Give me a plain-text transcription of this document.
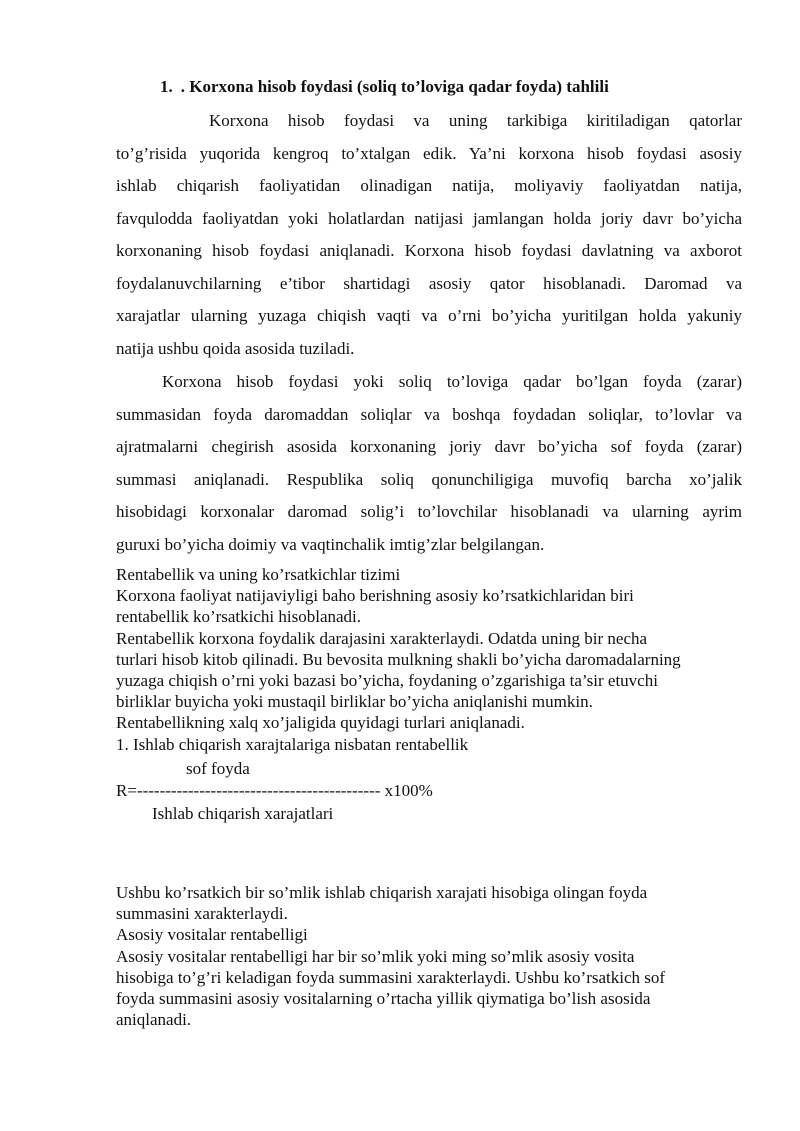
1. . Korxona hisob foydasi (soliq to’loviga qadar foyda) tahlili
Korxona hisob foydasi va uning tarkibiga kiritiladigan qatorlar
to’g’risida yuqorida kengroq to’xtalgan edik. Ya’ni korxona hisob foydasi asosiy
ishlab chiqarish faoliyatidan olinadigan natija, moliyaviy faoliyatdan natija,
favqulodda faoliyatdan yoki holatlardan natijasi jamlangan holda joriy davr bo’yicha
korxonaning hisob foydasi aniqlanadi. Korxona hisob foydasi davlatning va axborot
foydalanuvchilarning e’tibor shartidagi asosiy qator hisoblanadi. Daromad va
xarajatlar ularning yuzaga chiqish vaqti va o’rni bo’yicha yuritilgan holda yakuniy
natija ushbu qoida asosida tuziladi.
Korxona hisob foydasi yoki soliq to’loviga qadar bo’lgan foyda (zarar)
summasidan foyda daromaddan soliqlar va boshqa foydadan soliqlar, to’lovlar va
ajratmalarni chegirish asosida korxonaning joriy davr bo’yicha sof foyda (zarar)
summasi aniqlanadi. Respublika soliq qonunchiligiga muvofiq barcha xo’jalik
hisobidagi korxonalar daromad solig’i to’lovchilar hisoblanadi va ularning ayrim
guruxi bo’yicha doimiy va vaqtinchalik imtig’zlar belgilangan.
Rentabellik va uning ko’rsatkichlar tizimi
Korxona faoliyat natijaviyligi baho berishning asosiy ko’rsatkichlaridan biri
rentabellik ko’rsatkichi hisoblanadi.
Rentabellik korxona foydalik darajasini xarakterlaydi. Odatda uning bir necha
turlari hisob kitob qilinadi. Bu bevosita mulkning shakli bo’yicha daromadalarning
yuzaga chiqish o’rni yoki bazasi bo’yicha, foydaning o’zgarishiga ta’sir etuvchi
birliklar buyicha yoki mustaqil birliklar bo’yicha aniqlanishi mumkin.
Rentabellikning xalq xo’jaligida quyidagi turlari aniqlanadi.
1. Ishlab chiqarish xarajtalariga nisbatan rentabellik
sof foyda
R=------------------------------------------- x100%
Ishlab chiqarish xarajatlari
Ushbu ko’rsatkich bir so’mlik ishlab chiqarish xarajati hisobiga olingan foyda
summasini xarakterlaydi.
Asosiy vositalar rentabelligi
Asosiy vositalar rentabelligi har bir so’mlik yoki ming so’mlik asosiy vosita
hisobiga to’g’ri keladigan foyda summasini xarakterlaydi. Ushbu ko’rsatkich sof
foyda summasini asosiy vositalarning o’rtacha yillik qiymatiga bo’lish asosida
aniqlanadi.
